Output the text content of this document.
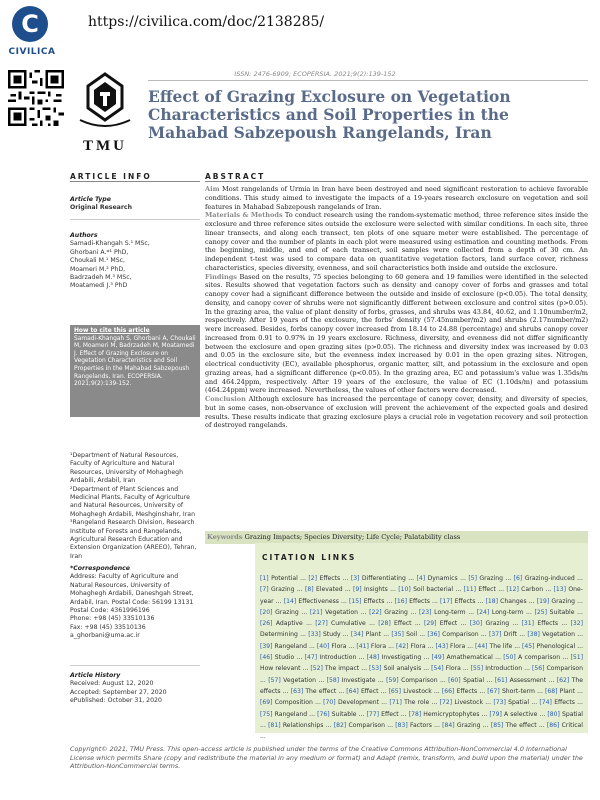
C
CIVILICA
https://civilica.com/doc/2138285/
TMU
ISSN: 2476-6909; ECOPERSIA. 2021;9(2):139-152
Effect of Grazing Exclosure on Vegetation Characteristics and Soil Properties in the Mahabad Sabzepoush Rangelands, Iran
ARTICLE INFO	ABSTRACT
Article Type
Original Research
Authors
Samadi-Khangah S.¹ MSc,
Ghorbani A.*¹ PhD,
Choukali M.¹ MSc,
Moameri M.² PhD,
Badrzadeh M.³ MSc,
Moatamedi J.³ PhD
How to cite this article
Samadi-Khangah S, Ghorbani A, Choukali M, Moameri M, Badrzadeh M, Moatamedi J. Effect of Grazing Exclosure on Vegetation Characteristics and Soil Properties in the Mahabad Sabzepoush Rangelands, Iran. ECOPERSIA. 2021;9(2):139-152.
¹Department of Natural Resources, Faculty of Agriculture and Natural Resources, University of Mohaghegh Ardabili, Ardabil, Iran
²Department of Plant Sciences and Medicinal Plants, Faculty of Agriculture and Natural Resources, University of Mohaghegh Ardabili, Meshginshahr, Iran
³Rangeland Research Division, Research Institute of Forests and Rangelands, Agricultural Research Education and Extension Organization (AREEO), Tehran, Iran
*Correspondence
Address: Faculty of Agriculture and Natural Resources, University of Mohaghegh Ardabili, Daneshgah Street, Ardabil, Iran. Postal Code: 56199 13131
Postal Code: 4361996196
Phone: +98 (45) 33510136
Fax: +98 (45) 33510136
a_ghorbani@uma.ac.ir
Article History
Received: August 12, 2020
Accepted: September 27, 2020
ePublished: October 31, 2020

Aim Most rangelands of Urmia in Iran have been destroyed and need significant restoration to achieve favorable conditions. This study aimed to investigate the impacts of a 19-years research exclosure on vegetation and soil features in Mahabad Sabzepoush rangelands of Iran.

Materials & Methods To conduct research using the random-systematic method, three reference sites inside the exclosure and three reference sites outside the exclosure were selected with similar conditions. In each site, three linear transects, and along each transect, ten plots of one square meter were established. The percentage of canopy cover and the number of plants in each plot were measured using estimation and counting methods. From the beginning, middle, and end of each transect, soil samples were collected from a depth of 30 cm. An independent t-test was used to compare data on quantitative vegetation factors, land surface cover, richness characteristics, species diversity, evenness, and soil characteristics both inside and outside the exclosure.

Findings Based on the results, 75 species belonging to 60 genera and 19 families were identified in the selected sites. Results showed that vegetation factors such as density and canopy cover of forbs and grasses and total canopy cover had a significant difference between the outside and inside of exclosure (p<0.05). The total density, density, and canopy cover of shrubs were not significantly different between exclosure and control sites (p>0.05). In the grazing area, the value of plant density of forbs, grasses, and shrubs was 43.84, 40.62, and 1.10number/m2, respectively. After 19 years of the exclosure, the forbs' density (57.45number/m2) and shrubs (2.17number/m2) were increased. Besides, forbs canopy cover increased from 18.14 to 24.88 (percentage) and shrubs canopy cover increased from 0.91 to 0.97% in 19 years exclosure. Richness, diversity, and evenness did not differ significantly between the exclosure and open grazing sites (p>0.05). The richness and diversity index was increased by 0.03 and 0.05 in the exclosure site, but the evenness index increased by 0.01 in the open grazing sites. Nitrogen, electrical conductivity (EC), available phosphorus, organic matter, silt, and potassium in the exclosure and open grazing areas, had a significant difference (p<0.05). In the grazing area, EC and potassium's value was 1.35ds/m and 464.24ppm, respectively. After 19 years of the exclosure, the value of EC (1.10ds/m) and potassium (464.24ppm) were increased. Nevertheless, the values of other factors were decreased.

Conclusion Although exclosure has increased the percentage of canopy cover, density, and diversity of species, but in some cases, non-observance of exclusion will prevent the achievement of the expected goals and desired results. These results indicate that grazing exclosure plays a crucial role in vegetation recovery and soil protection of destroyed rangelands.

Keywords Grazing Impacts; Species Diversity; Life Cycle; Palatability class
CITATION LINKS
[1] Potential ... [2] Effects ... [3] Differentiating ... [4] Dynamics ... [5] Grazing ... [6] Grazing-induced ... [7] Grazing ... [8] Elevated ... [9] Insights ... [10] Soil bacterial ... [11] Effect ... [12] Carbon ... [13] One-year ... [14] Effectiveness ... [15] Effects ... [16] Effects ... [17] Effects ... [18] Changes ... [19] Grazing ... [20] Grazing ... [21] Vegetation ... [22] Grazing ... [23] Long-term ... [24] Long-term ... [25] Suitable ... [26] Adaptive ... [27] Cumulative ... [28] Effect ... [29] Effect ... [30] Grazing ... [31] Effects ... [32] Determining ... [33] Study ... [34] Plant ... [35] Soil ... [36] Comparison ... [37] Drift ... [38] Vegetation ... [39] Rangeland ... [40] Flora ... [41] Flora ... [42] Flora ... [43] Flora ... [44] The life ... [45] Phenological ... [46] Studio ... [47] Introduction ... [48] Investigating ... [49] Amathematical ... [50] A comparison ... [51] How relevant ... [52] The impact ... [53] Soil analysis ... [54] Flora ... [55] Introduction ... [56] Comparison ... [57] Vegetation ... [58] Investigate ... [59] Comparison ... [60] Spatial ... [61] Assessment ... [62] The effects ... [63] The effect ... [64] Effect ... [65] Livestock ... [66] Effects ... [67] Short-term ... [68] Plant ... [69] Composition ... [70] Development ... [71] The role ... [72] Livestock ... [73] Spatial ... [74] Effects ... [75] Rangeland ... [76] Suitable ... [77] Effect ... [78] Hemicryptophytes ... [79] A selective ... [80] Spatial ... [81] Relationships ... [82] Comparison ... [83] Factors ... [84] Grazing ... [85] The effect ... [86] Critical ...
Copyright© 2021, TMU Press. This open-access article is published under the terms of the Creative Commons Attribution-NonCommercial 4.0 International License which permits Share (copy and redistribute the material in any medium or format) and Adapt (remix, transform, and build upon the material) under the Attribution-NonCommercial terms.
